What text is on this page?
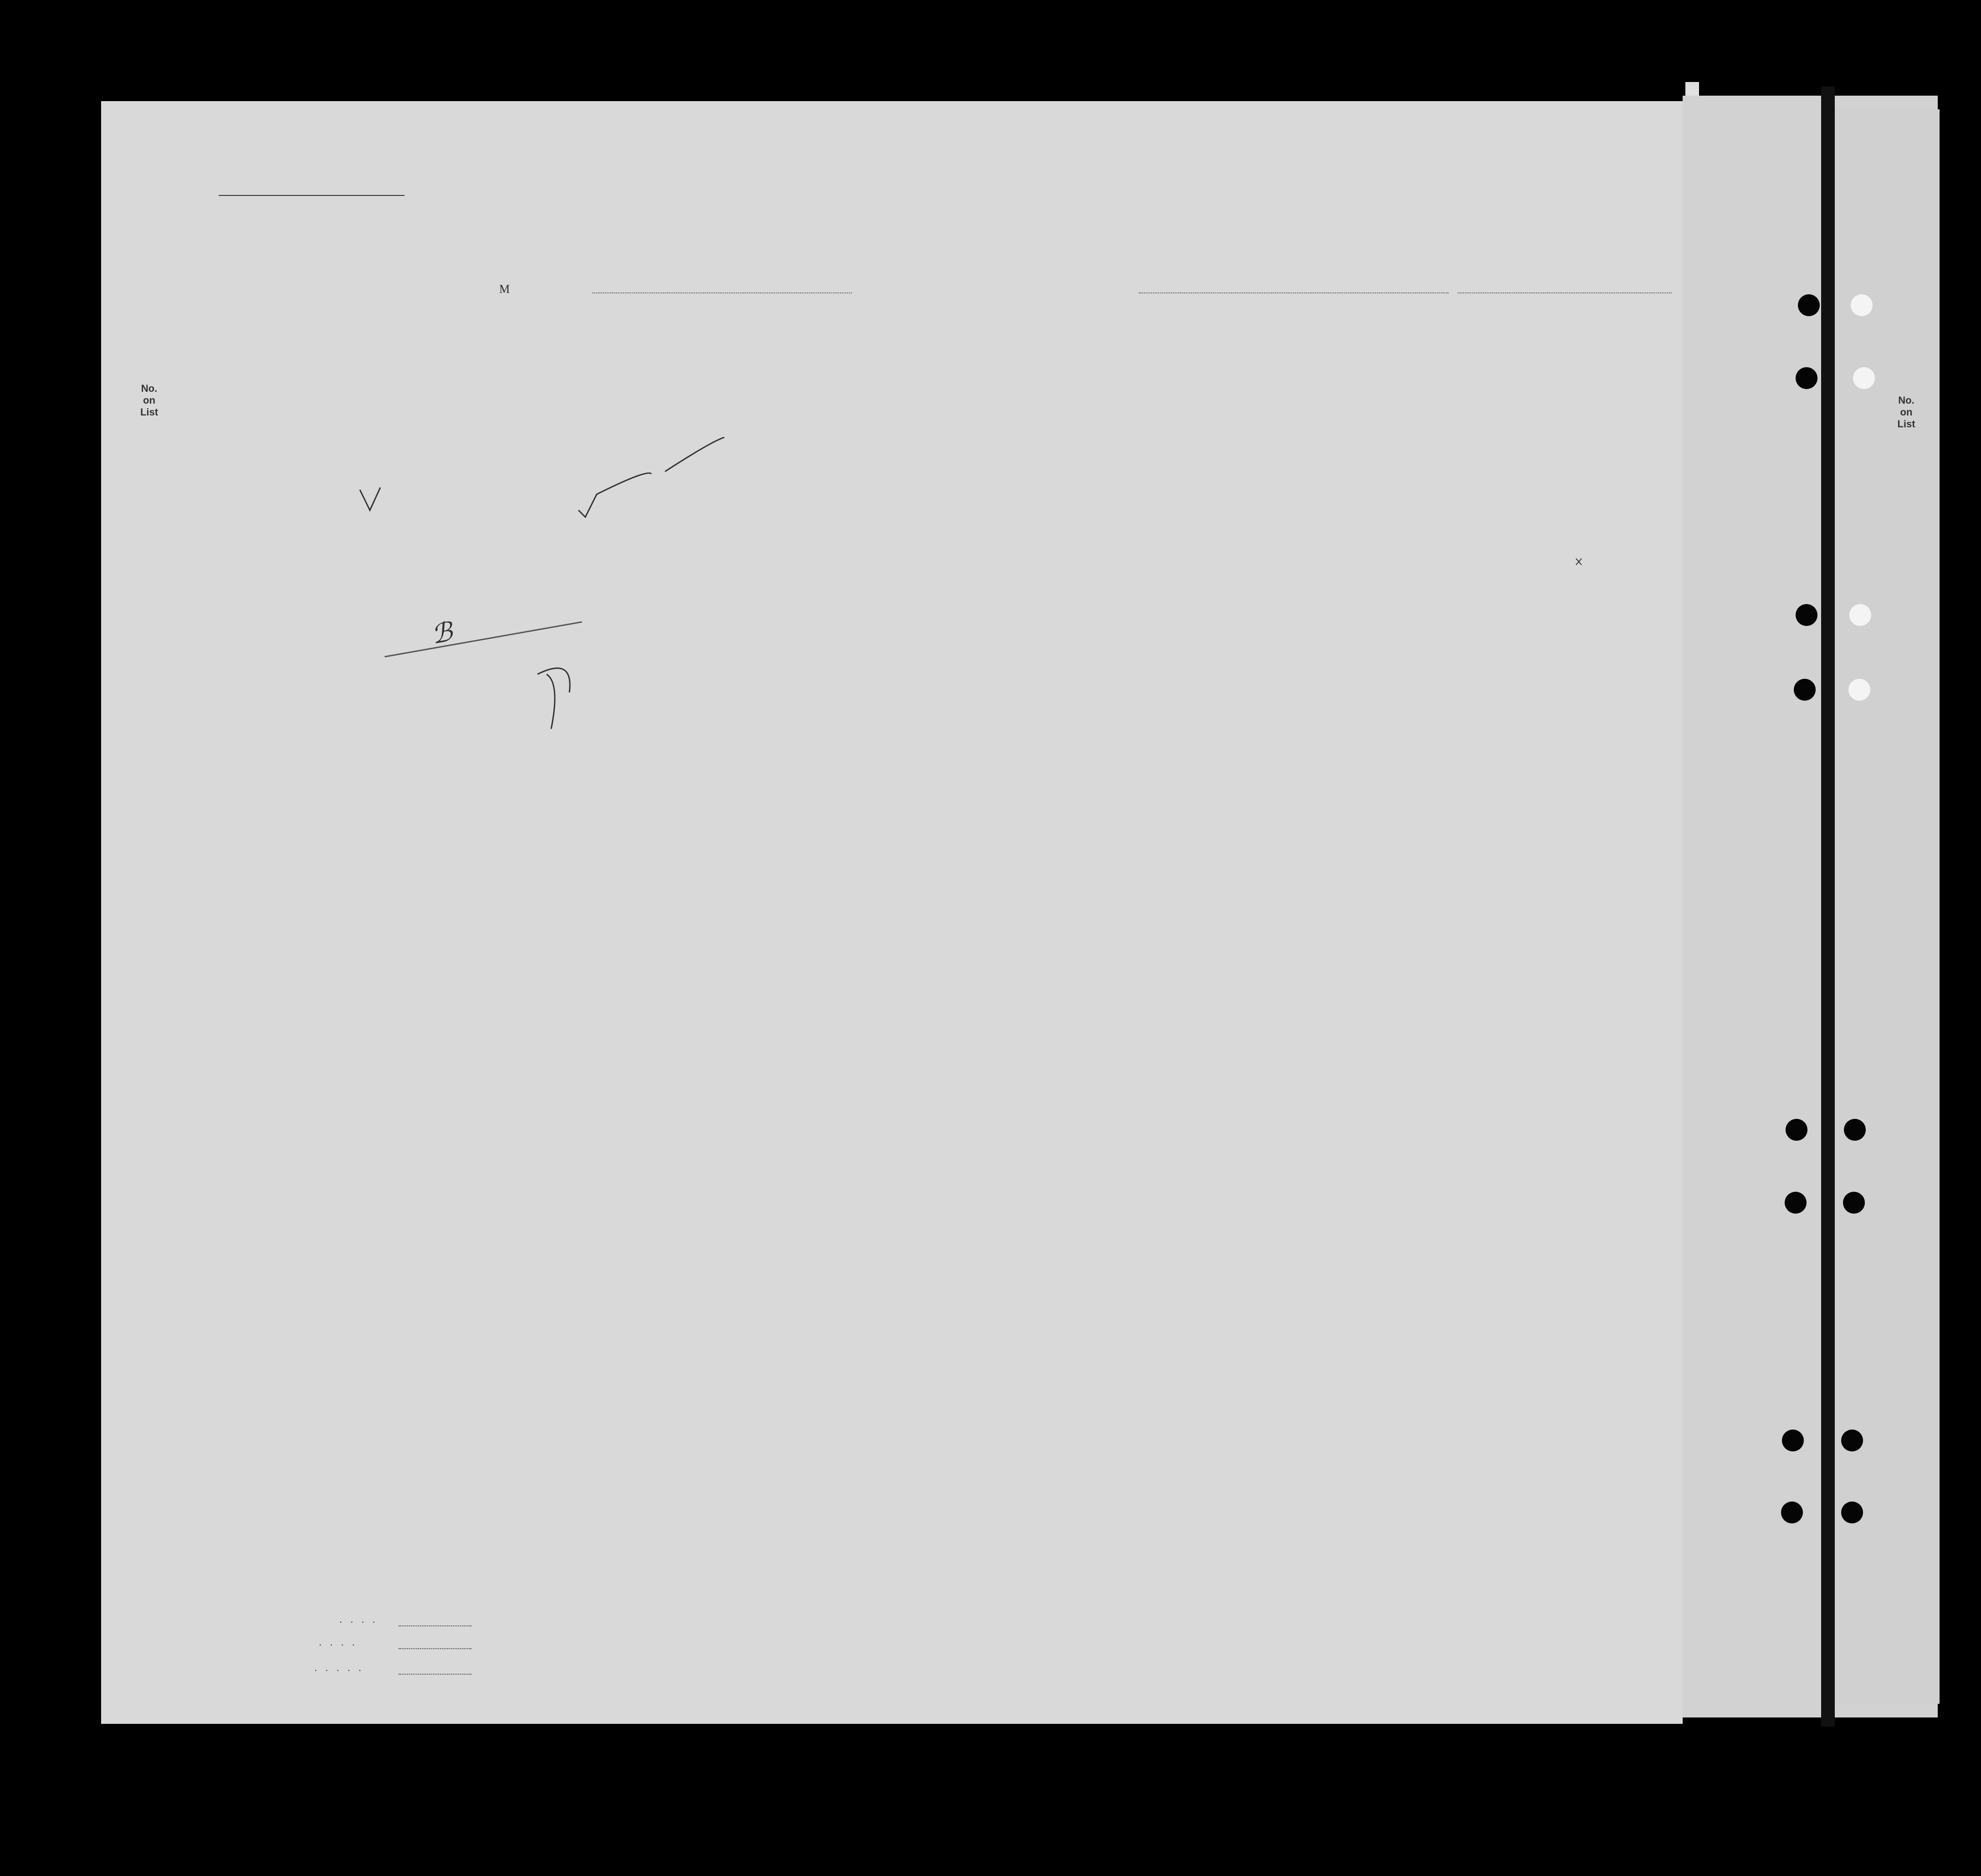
M
No.
on
List
No.
on
List
ℬ
. . . .
. . . .
. . . . .
